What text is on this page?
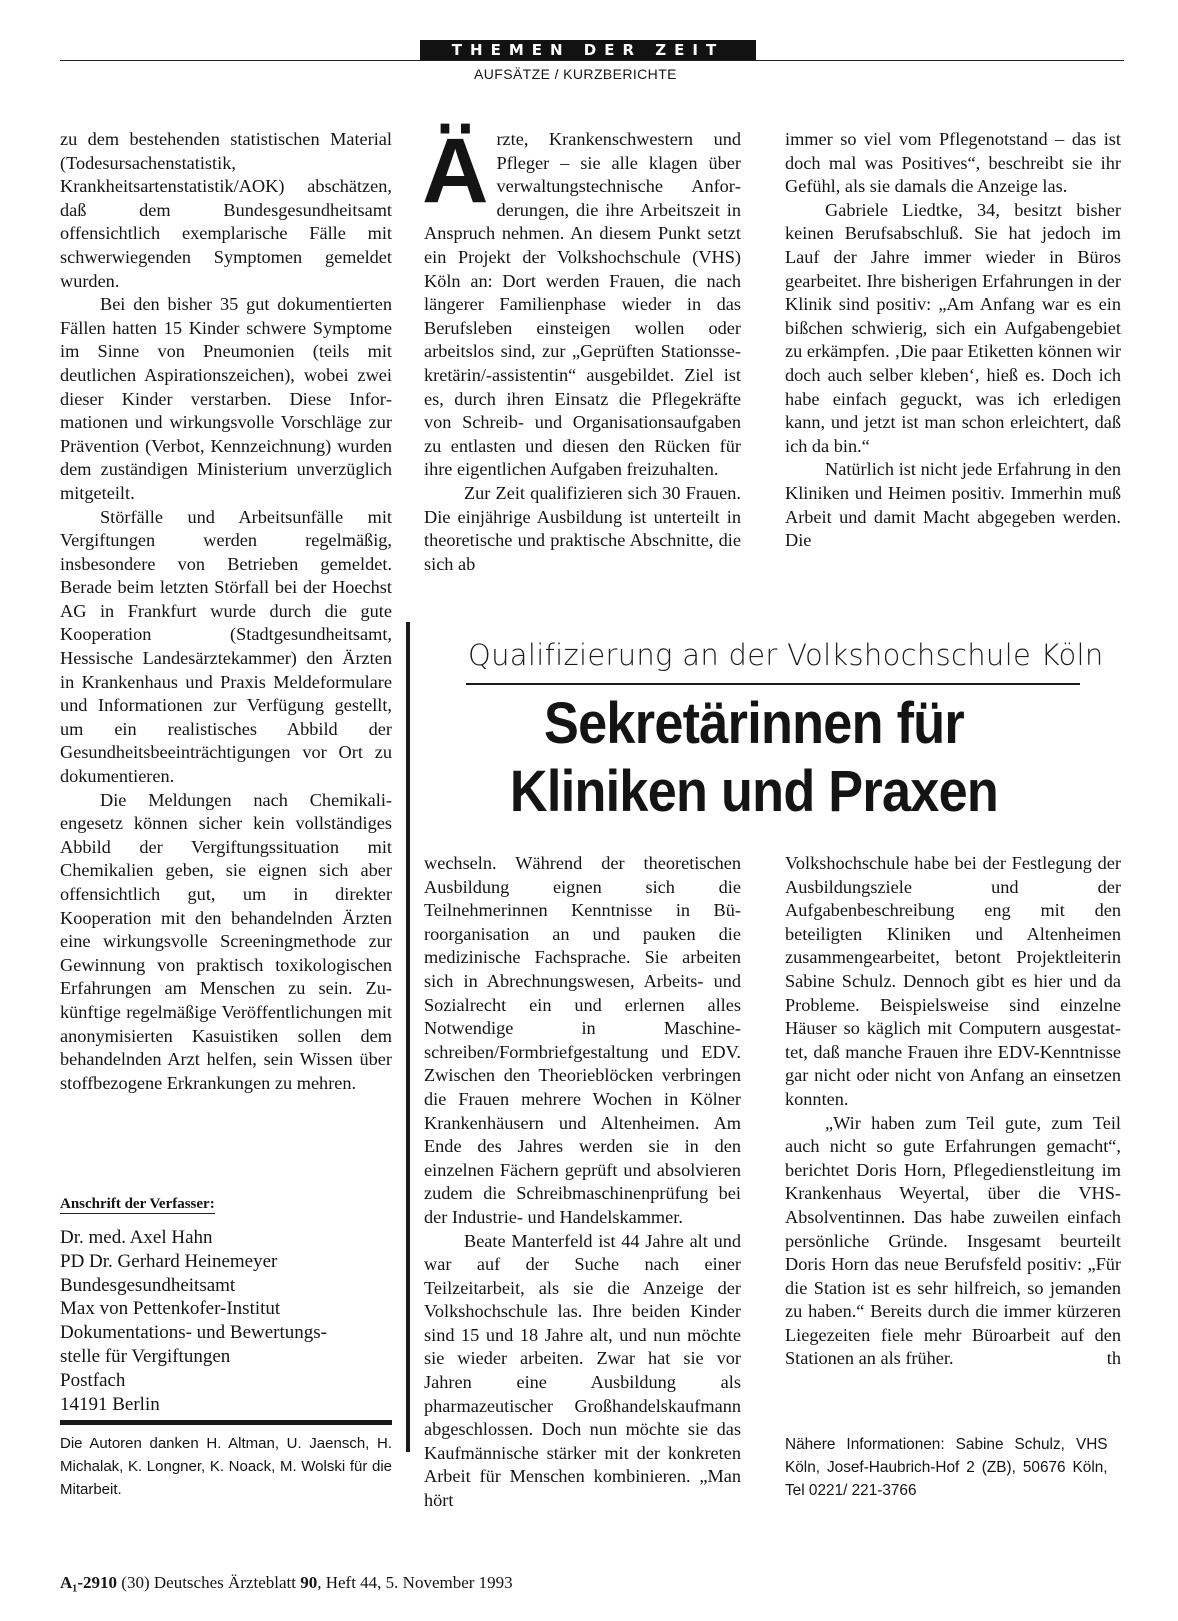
THEMEN DER ZEIT
AUFSÄTZE / KURZBERICHTE

zu dem bestehenden statistischen Material (Todesursachenstatistik, Krankheitsartenstatistik/AOK) abschätzen, daß dem Bundesgesundheitsamt offensichtlich exemplarische Fälle mit schwerwiegenden Symptomen gemeldet wurden.

Bei den bisher 35 gut dokumentierten Fällen hatten 15 Kinder schwere Symptome im Sinne von Pneumonien (teils mit deutlichen Aspirationszeichen), wobei zwei dieser Kinder verstarben. Diese Informationen und wirkungsvolle Vorschläge zur Prävention (Verbot, Kennzeichnung) wurden dem zuständigen Ministerium unverzüglich mitgeteilt.

Störfälle und Arbeitsunfälle mit Vergiftungen werden regelmäßig, insbesondere von Betrieben gemeldet. Berade beim letzten Störfall bei der Hoechst AG in Frankfurt wurde durch die gute Kooperation (Stadtgesundheitsamt, Hessische Landesärztekammer) den Ärzten in Krankenhaus und Praxis Meldeformulare und Informationen zur Verfügung gestellt, um ein realistisches Abbild der Gesundheitsbeeinträchtigungen vor Ort zu dokumentieren.

Die Meldungen nach Chemikaliengesetz können sicher kein vollständiges Abbild der Vergiftungssituation mit Chemikalien geben, sie eignen sich aber offensichtlich gut, um in direkter Kooperation mit den behandelnden Ärzten eine wirkungsvolle Screeningmethode zur Gewinnung von praktisch toxikologischen Erfahrungen am Menschen zu sein. Zukünftige regelmäßige Veröffentlichungen mit anonymisierten Kasuistiken sollen dem behandelnden Arzt helfen, sein Wissen über stoffbezogene Erkrankungen zu mehren.

Anschrift der Verfasser:
Dr. med. Axel Hahn
PD Dr. Gerhard Heinemeyer
Bundesgesundheitsamt
Max von Pettenkofer-Institut
Dokumentations- und Bewertungs-
stelle für Vergiftungen
Postfach
14191 Berlin
Die Autoren danken H. Altman, U. Jaensch, H. Michalak, K. Longner, K. Noack, M. Wolski für die Mitarbeit.

Ärzte, Krankenschwestern und Pfleger – sie alle klagen über verwaltungstechnische Anforderungen, die ihre Arbeitszeit in Anspruch nehmen. An diesem Punkt setzt ein Projekt der Volkshochschule (VHS) Köln an: Dort werden Frauen, die nach längerer Familienphase wieder in das Berufsleben einsteigen wollen oder arbeitslos sind, zur „Geprüften Stationssekretärin/-assistentin“ ausgebildet. Ziel ist es, durch ihren Einsatz die Pflegekräfte von Schreib- und Organisationsaufgaben zu entlasten und diesen den Rücken für ihre eigentlichen Aufgaben freizuhalten.

Zur Zeit qualifizieren sich 30 Frauen. Die einjährige Ausbildung ist unterteilt in theoretische und praktische Abschnitte, die sich ab

immer so viel vom Pflegenotstand – das ist doch mal was Positives“, beschreibt sie ihr Gefühl, als sie damals die Anzeige las.

Gabriele Liedtke, 34, besitzt bisher keinen Berufsabschluß. Sie hat jedoch im Lauf der Jahre immer wieder in Büros gearbeitet. Ihre bisherigen Erfahrungen in der Klinik sind positiv: „Am Anfang war es ein bißchen schwierig, sich ein Aufgabengebiet zu erkämpfen. ‚Die paar Etiketten können wir doch auch selber kleben‘, hieß es. Doch ich habe einfach geguckt, was ich erledigen kann, und jetzt ist man schon erleichtert, daß ich da bin.“

Natürlich ist nicht jede Erfahrung in den Kliniken und Heimen positiv. Immerhin muß Arbeit und damit Macht abgegeben werden. Die

Qualifizierung an der Volkshochschule Köln
Sekretärinnen für
Kliniken und Praxen

wechseln. Während der theoretischen Ausbildung eignen sich die Teilnehmerinnen Kenntnisse in Büroorganisation an und pauken die medizinische Fachsprache. Sie arbeiten sich in Abrechnungswesen, Arbeits- und Sozialrecht ein und erlernen alles Notwendige in Maschineschreiben/Formbriefgestaltung und EDV. Zwischen den Theorieblöcken verbringen die Frauen mehrere Wochen in Kölner Krankenhäusern und Altenheimen. Am Ende des Jahres werden sie in den einzelnen Fächern geprüft und absolvieren zudem die Schreibmaschinenprüfung bei der Industrie- und Handelskammer.

Beate Manterfeld ist 44 Jahre alt und war auf der Suche nach einer Teilzeitarbeit, als sie die Anzeige der Volkshochschule las. Ihre beiden Kinder sind 15 und 18 Jahre alt, und nun möchte sie wieder arbeiten. Zwar hat sie vor Jahren eine Ausbildung als pharmazeutischer Großhandelskaufmann abgeschlossen. Doch nun möchte sie das Kaufmännische stärker mit der konkreten Arbeit für Menschen kombinieren. „Man hört

Volkshochschule habe bei der Festlegung der Ausbildungsziele und der Aufgabenbeschreibung eng mit den beteiligten Kliniken und Altenheimen zusammengearbeitet, betont Projektleiterin Sabine Schulz. Dennoch gibt es hier und da Probleme. Beispielsweise sind einzelne Häuser so käglich mit Computern ausgestattet, daß manche Frauen ihre EDV-Kenntnisse gar nicht oder nicht von Anfang an einsetzen konnten.

„Wir haben zum Teil gute, zum Teil auch nicht so gute Erfahrungen gemacht“, berichtet Doris Horn, Pflegedienstleitung im Krankenhaus Weyertal, über die VHS-Absolventinnen. Das habe zuweilen einfach persönliche Gründe. Insgesamt beurteilt Doris Horn das neue Berufsfeld positiv: „Für die Station ist es sehr hilfreich, so jemanden zu haben.“ Bereits durch die immer kürzeren Liegezeiten fiele mehr Büroarbeit auf den Stationen an als früher.	th

Nähere Informationen: Sabine Schulz, VHS Köln, Josef-Haubrich-Hof 2 (ZB), 50676 Köln, Tel 0221/ 221-3766
A₁-2910 (30) Deutsches Ärzteblatt 90, Heft 44, 5. November 1993
